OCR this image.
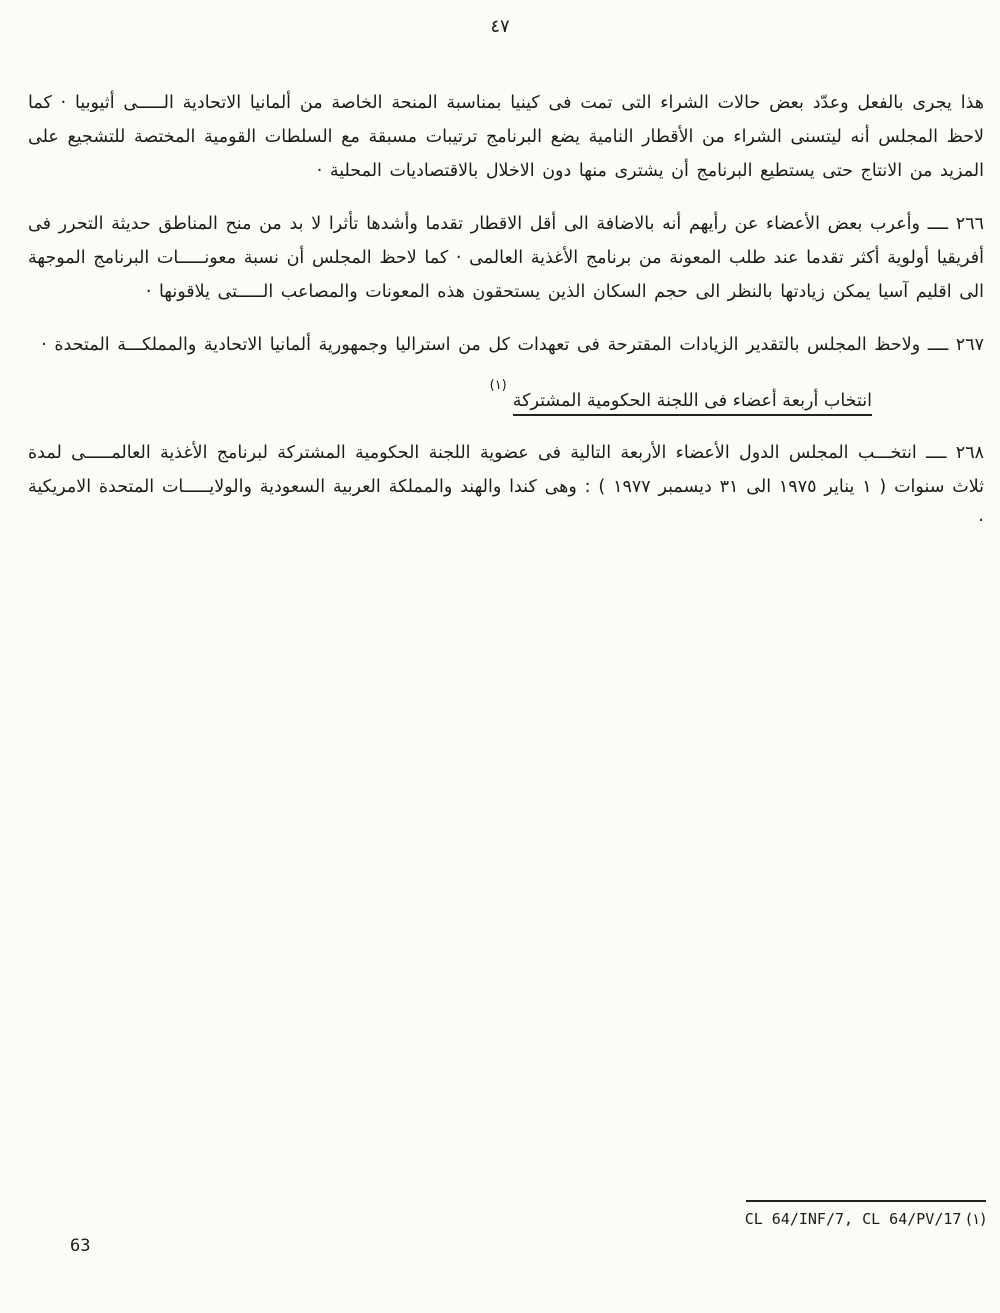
٤٧

هذا يجرى بالفعل وعدّد بعض حالات الشراء التى تمت فى كينيا بمناسبة المنحة الخاصة من ألمانيا الاتحادية الـــــى أثيوبيا · كما لاحظ المجلس أنه ليتسنى الشراء من الأقطار النامية يضع البرنامج ترتيبات مسبقة مع السلطات القومية المختصة للتشجيع على المزيد من الانتاج حتى يستطيع البرنامج أن يشترى منها دون الاخلال بالاقتصاديات المحلية ·

٢٦٦ ــــ وأعرب بعض الأعضاء عن رأيهم أنه بالاضافة الى أقل الاقطار تقدما وأشدها تأثرا لا بد من منح المناطق حديثة التحرر فى أفريقيا أولوية أكثر تقدما عند طلب المعونة من برنامج الأغذية العالمى · كما لاحظ المجلس أن نسبة معونـــــات البرنامج الموجهة الى اقليم آسيا يمكن زيادتها بالنظر الى حجم السكان الذين يستحقون هذه المعونات والمصاعب الـــــتى يلاقونها ·

٢٦٧ ــــ ولاحظ المجلس بالتقدير الزيادات المقترحة فى تعهدات كل من استراليا وجمهورية ألمانيا الاتحادية والمملكـــة المتحدة ·

انتخاب أربعة أعضاء فى اللجنة الحكومية المشتركة$^{(١)}$

٢٦٨ ــــ انتخـــب المجلس الدول الأعضاء الأربعة التالية فى عضوية اللجنة الحكومية المشتركة لبرنامج الأغذية العالمـــــى لمدة ثلاث سنوات ( ١ يناير ١٩٧٥ الى ٣١ ديسمبر ١٩٧٧ ) : وهى كندا والهند والمملكة العربية السعودية والولايـــــات المتحدة الامريكية ·

(١) CL 64/INF/7, CL 64/PV/17
63
